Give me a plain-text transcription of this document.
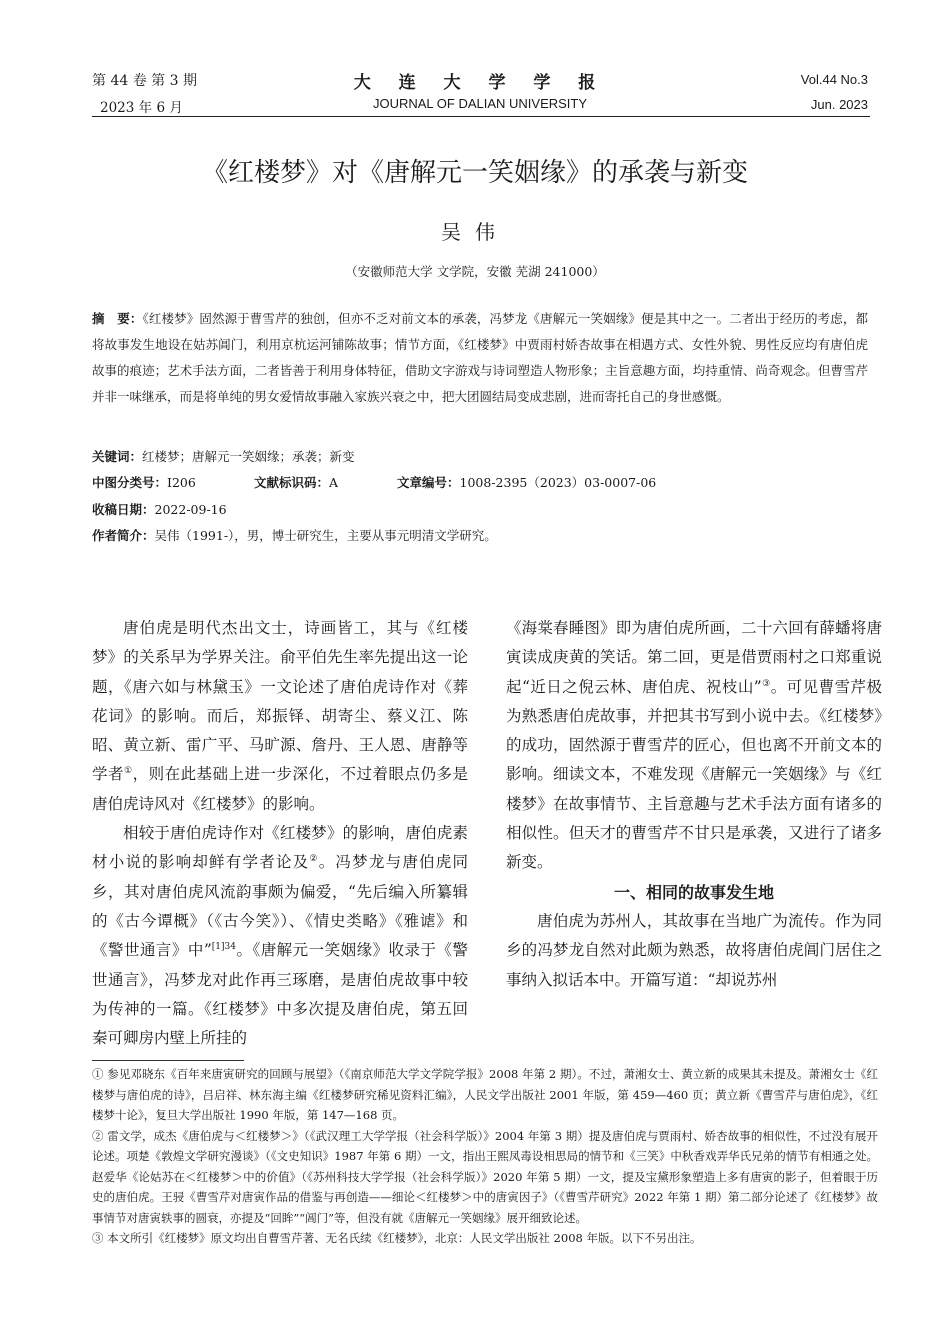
第 44 卷 第 3 期
2023 年 6 月
大 连 大 学 学 报
JOURNAL OF DALIAN UNIVERSITY
Vol.44 No.3
Jun. 2023
《红楼梦》对《唐解元一笑姻缘》的承袭与新变
吴伟
（安徽师范大学 文学院，安徽 芜湖 241000）
摘　要：《红楼梦》固然源于曹雪芹的独创，但亦不乏对前文本的承袭，冯梦龙《唐解元一笑姻缘》便是其中之一。二者出于经历的考虑，都将故事发生地设在姑苏阊门，利用京杭运河铺陈故事；情节方面，《红楼梦》中贾雨村娇杏故事在相遇方式、女性外貌、男性反应均有唐伯虎故事的痕迹；艺术手法方面，二者皆善于利用身体特征，借助文字游戏与诗词塑造人物形象；主旨意趣方面，均持重情、尚奇观念。但曹雪芹并非一味继承，而是将单纯的男女爱情故事融入家族兴衰之中，把大团圆结局变成悲剧，进而寄托自己的身世感慨。
关键词：红楼梦；唐解元一笑姻缘；承袭；新变
中图分类号：I206	文献标识码：A	文章编号：1008-2395（2023）03-0007-06
收稿日期：2022-09-16
作者简介：吴伟（1991-），男，博士研究生，主要从事元明清文学研究。

唐伯虎是明代杰出文士，诗画皆工，其与《红楼梦》的关系早为学界关注。俞平伯先生率先提出这一论题，《唐六如与林黛玉》一文论述了唐伯虎诗作对《葬花词》的影响。而后，郑振铎、胡寄尘、蔡义江、陈昭、黄立新、雷广平、马旷源、詹丹、王人恩、唐静等学者①，则在此基础上进一步深化，不过着眼点仍多是唐伯虎诗风对《红楼梦》的影响。

相较于唐伯虎诗作对《红楼梦》的影响，唐伯虎素材小说的影响却鲜有学者论及②。冯梦龙与唐伯虎同乡，其对唐伯虎风流韵事颇为偏爱，“先后编入所纂辑的《古今谭概》（《古今笑》）、《情史类略》《雅谑》和《警世通言》中”$^{[1]34}$。《唐解元一笑姻缘》收录于《警世通言》，冯梦龙对此作再三琢磨，是唐伯虎故事中较为传神的一篇。《红楼梦》中多次提及唐伯虎，第五回秦可卿房内壁上所挂的

《海棠春睡图》即为唐伯虎所画，二十六回有薛蟠将唐寅读成庚黄的笑话。第二回，更是借贾雨村之口郑重说起“近日之倪云林、唐伯虎、祝枝山”③。可见曹雪芹极为熟悉唐伯虎故事，并把其书写到小说中去。《红楼梦》的成功，固然源于曹雪芹的匠心，但也离不开前文本的影响。细读文本，不难发现《唐解元一笑姻缘》与《红楼梦》在故事情节、主旨意趣与艺术手法方面有诸多的相似性。但天才的曹雪芹不甘只是承袭，又进行了诸多新变。

一、相同的故事发生地

唐伯虎为苏州人，其故事在当地广为流传。作为同乡的冯梦龙自然对此颇为熟悉，故将唐伯虎阊门居住之事纳入拟话本中。开篇写道：“却说苏州

① 参见邓晓东《百年来唐寅研究的回顾与展望》（《南京师范大学文学院学报》2008 年第 2 期）。不过，萧湘女士、黄立新的成果其未提及。萧湘女士《红楼梦与唐伯虎的诗》，吕启祥、林东海主编《红楼梦研究稀见资料汇编》，人民文学出版社 2001 年版，第 459—460 页；黄立新《曹雪芹与唐伯虎》，《红楼梦十论》，复旦大学出版社 1990 年版，第 147—168 页。

② 雷文学，成杰《唐伯虎与＜红楼梦＞》（《武汉理工大学学报（社会科学版）》2004 年第 3 期）提及唐伯虎与贾雨村、娇杏故事的相似性，不过没有展开论述。项楚《敦煌文学研究漫谈》（《文史知识》1987 年第 6 期）一文，指出王熙凤毒设相思局的情节和《三笑》中秋香戏弄华氏兄弟的情节有相通之处。赵爱华《论姑苏在＜红楼梦＞中的价值》（《苏州科技大学学报（社会科学版）》2020 年第 5 期）一文，提及宝黛形象塑造上多有唐寅的影子，但着眼于历史的唐伯虎。王骎《曹雪芹对唐寅作品的借鉴与再创造——细论＜红楼梦＞中的唐寅因子》（《曹雪芹研究》2022 年第 1 期）第二部分论述了《红楼梦》故事情节对唐寅轶事的圆衰，亦提及“回眸”“阊门”等，但没有就《唐解元一笑姻缘》展开细致论述。

③ 本文所引《红楼梦》原文均出自曹雪芹著、无名氏续《红楼梦》，北京：人民文学出版社 2008 年版。以下不另出注。
